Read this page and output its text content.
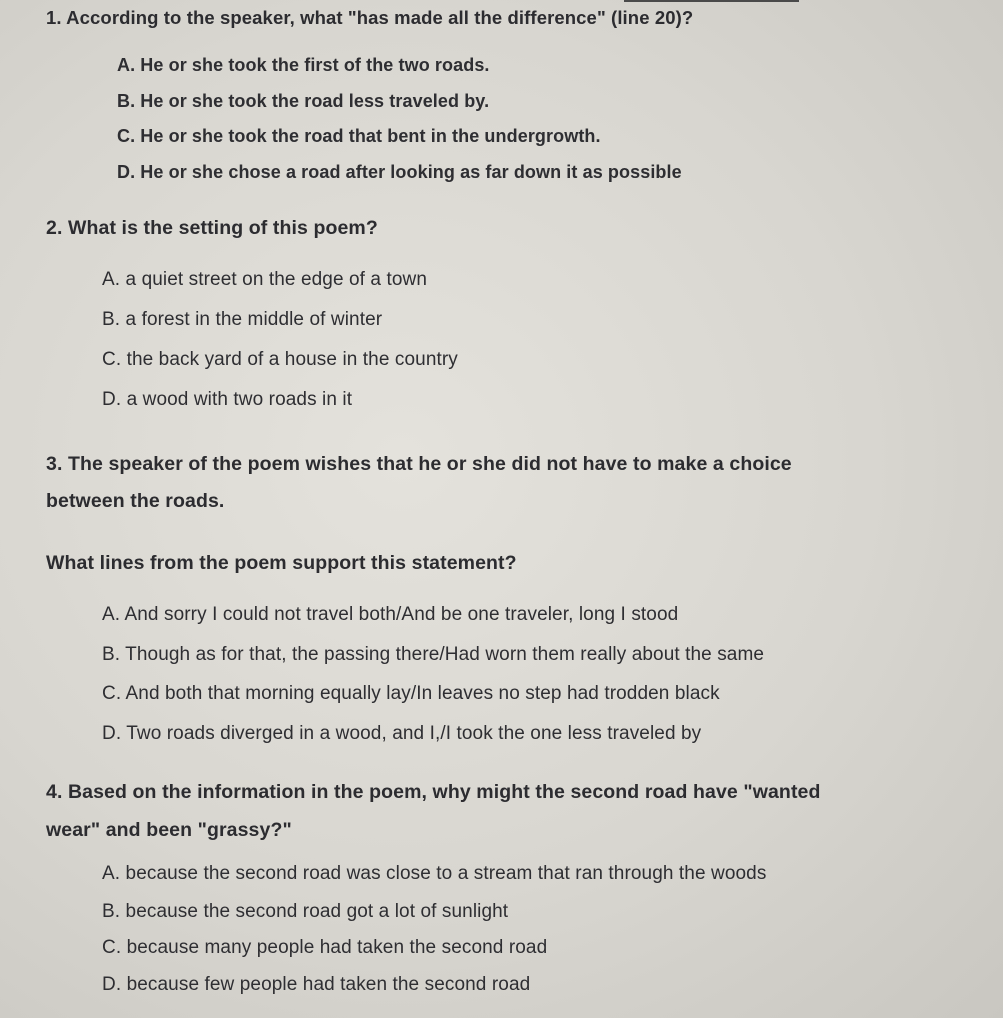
1. According to the speaker, what "has made all the difference" (line 20)?
A. He or she took the first of the two roads.
B. He or she took the road less traveled by.
C. He or she took the road that bent in the undergrowth.
D. He or she chose a road after looking as far down it as possible
2. What is the setting of this poem?
A. a quiet street on the edge of a town
B. a forest in the middle of winter
C. the back yard of a house in the country
D. a wood with two roads in it
3. The speaker of the poem wishes that he or she did not have to make a choice
between the roads.
What lines from the poem support this statement?
A. And sorry I could not travel both/And be one traveler, long I stood
B. Though as for that, the passing there/Had worn them really about the same
C. And both that morning equally lay/In leaves no step had trodden black
D. Two roads diverged in a wood, and I,/I took the one less traveled by
4. Based on the information in the poem, why might the second road have "wanted
wear" and been "grassy?"
A. because the second road was close to a stream that ran through the woods
B. because the second road got a lot of sunlight
C. because many people had taken the second road
D. because few people had taken the second road
